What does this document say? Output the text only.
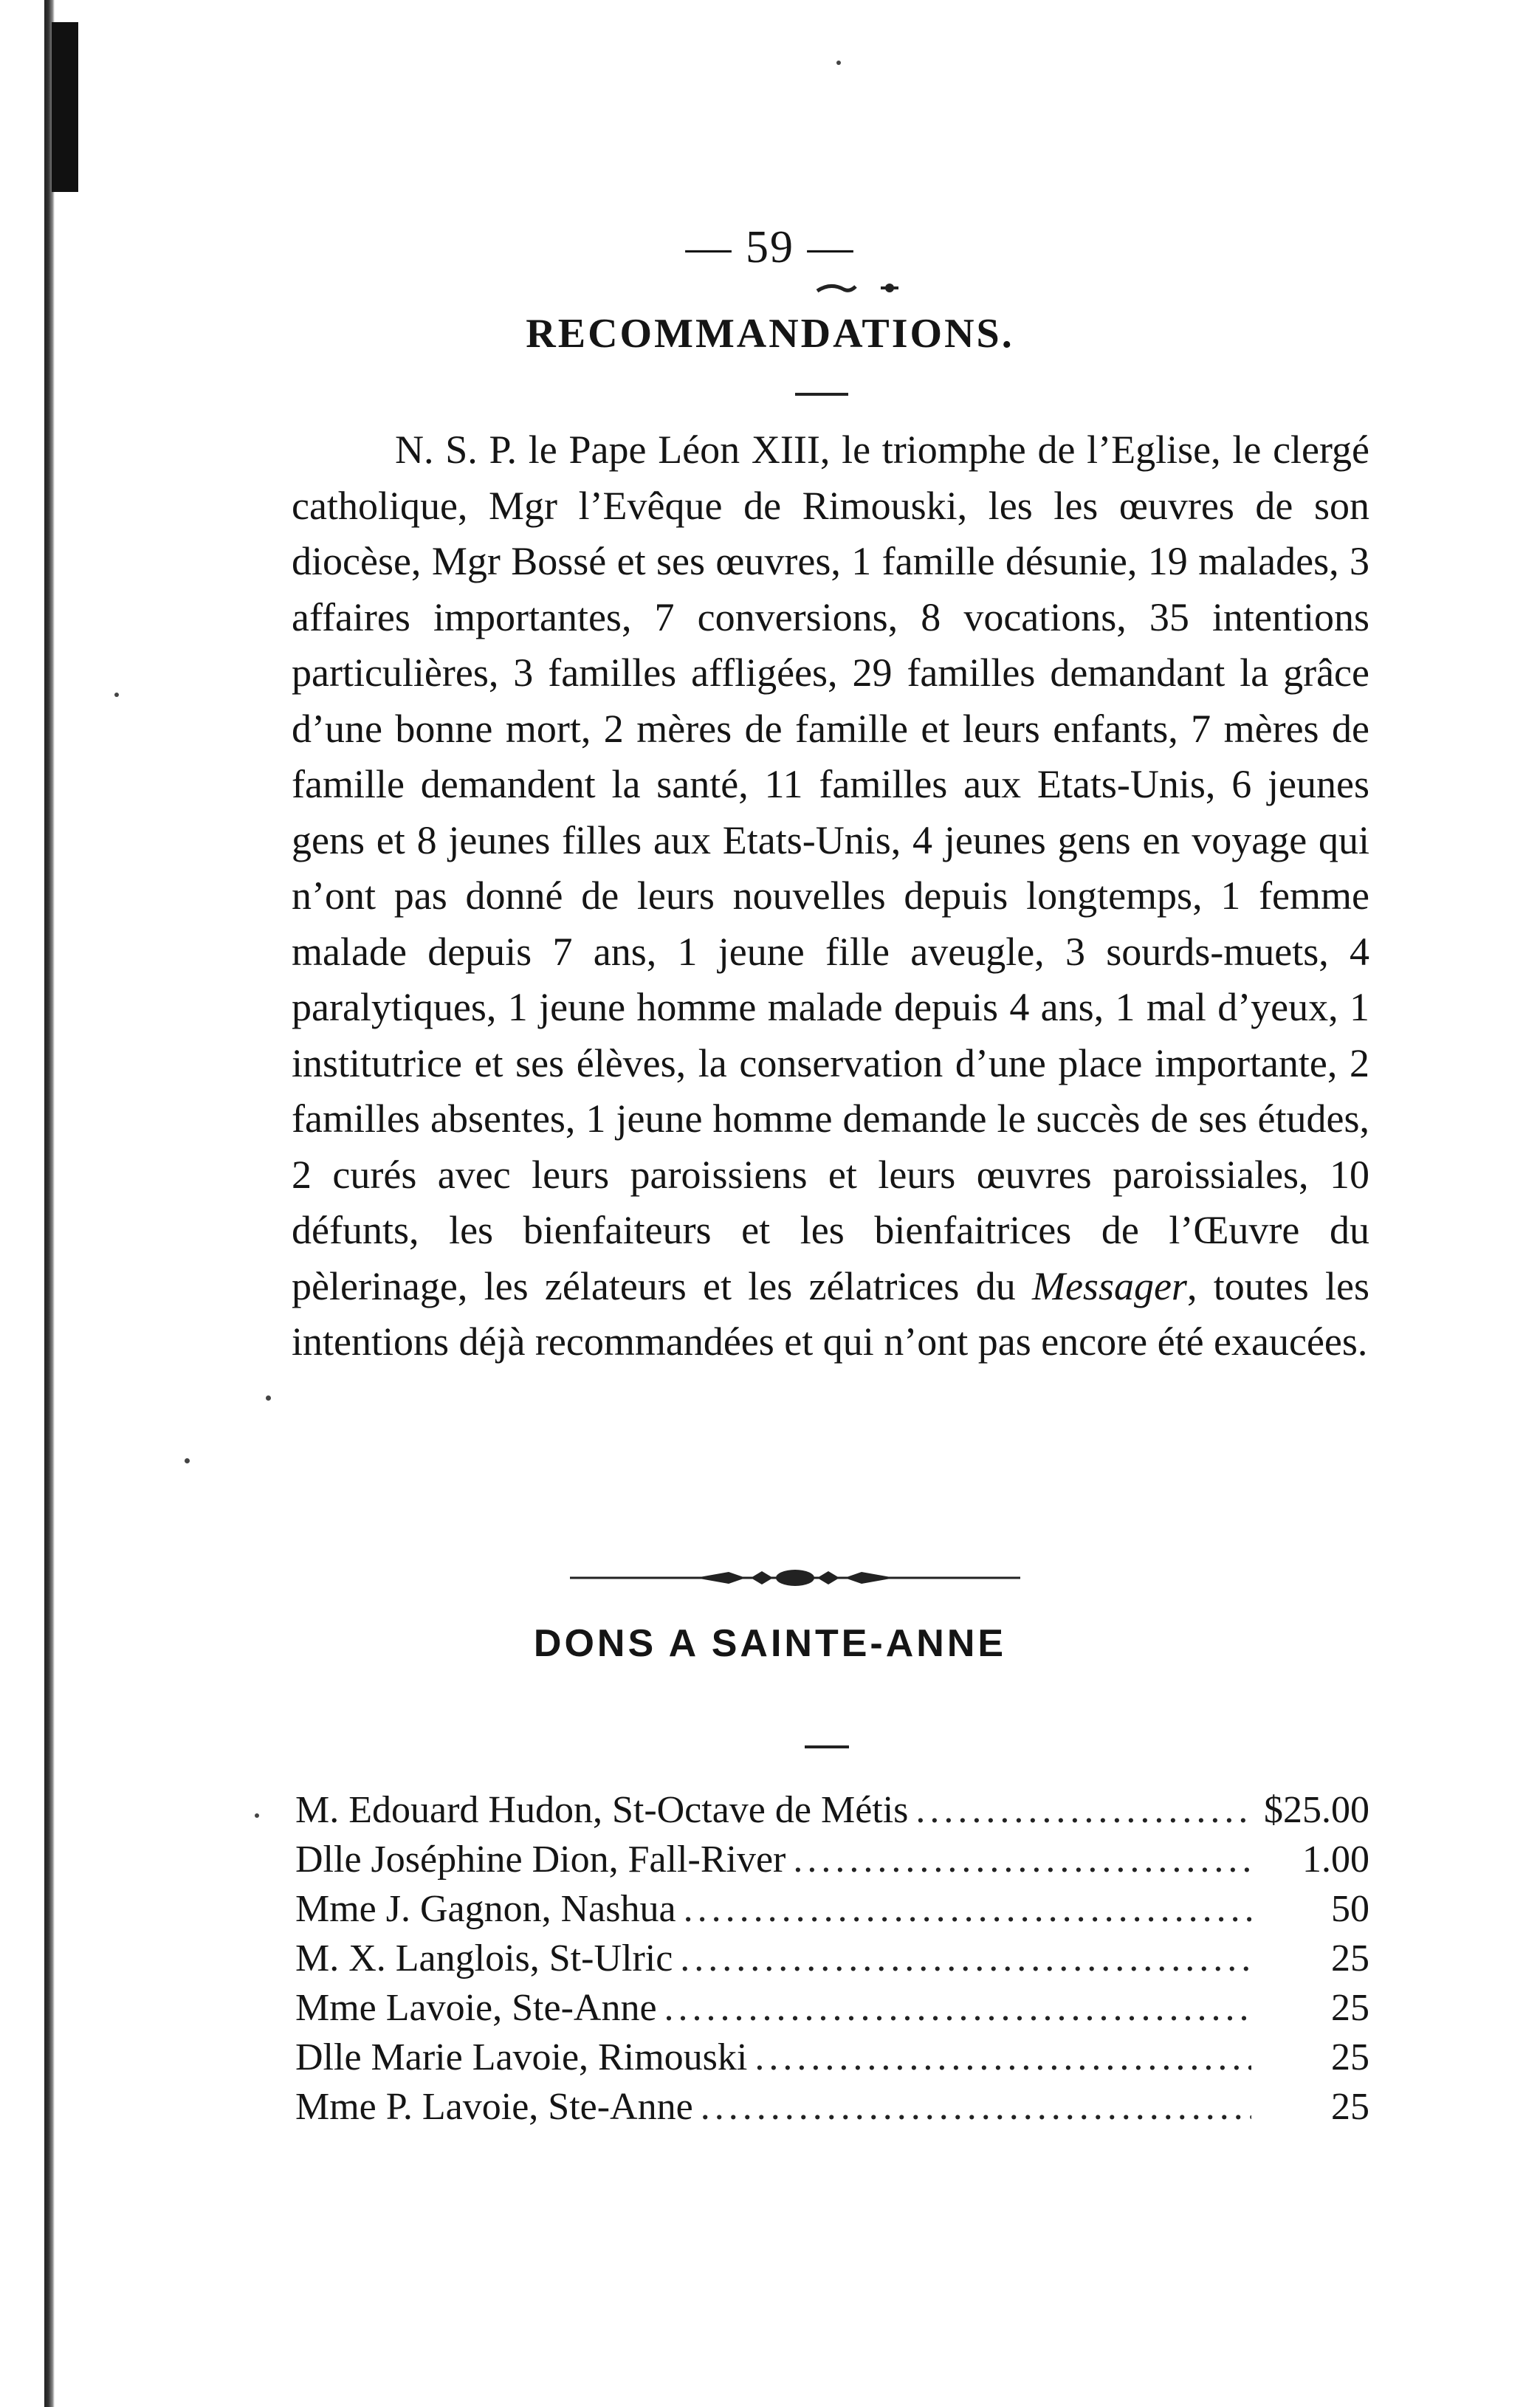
— 59 —
RECOMMANDATIONS.
N. S. P. le Pape Léon XIII, le triomphe de l’Eglise, le clergé catholique, Mgr l’Evêque de Rimouski, les les œuvres de son diocèse, Mgr Bossé et ses œuvres, 1 famille désunie, 19 malades, 3 affaires importantes, 7 conversions, 8 vocations, 35 intentions particulières, 3 familles affligées, 29 familles demandant la grâce d’une bonne mort, 2 mères de famille et leurs enfants, 7 mères de famille demandent la santé, 11 familles aux Etats-Unis, 6 jeunes gens et 8 jeunes filles aux Etats-Unis, 4 jeunes gens en voyage qui n’ont pas donné de leurs nouvelles depuis longtemps, 1 femme malade depuis 7 ans, 1 jeune fille aveugle, 3 sourds-muets, 4 paralytiques, 1 jeune homme malade depuis 4 ans, 1 mal d’yeux, 1 institutrice et ses élèves, la conservation d’une place importante, 2 familles absentes, 1 jeune homme demande le succès de ses études, 2 curés avec leurs paroissiens et leurs œuvres paroissiales, 10 défunts, les bienfaiteurs et les bienfaitrices de l’Œuvre du pèlerinage, les zélateurs et les zélatrices du Messager, toutes les intentions déjà recommandées et qui n’ont pas encore été exaucées.
DONS A SAINTE-ANNE
M. Edouard Hudon, St-Octave de Métis .....	$25.00
Dlle Joséphine Dion, Fall-River .....	1.00
Mme J. Gagnon, Nashua .....	50
M. X. Langlois, St-Ulric .....	25
Mme Lavoie, Ste-Anne .....	25
Dlle Marie Lavoie, Rimouski .....	25
Mme P. Lavoie, Ste-Anne .....	25
